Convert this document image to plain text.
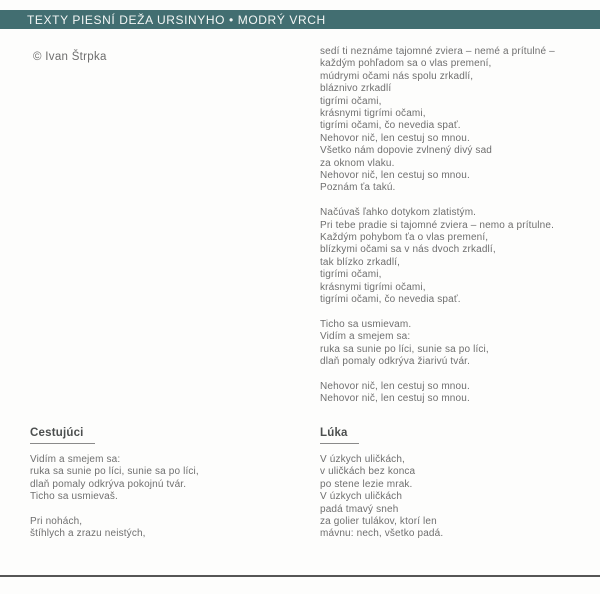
TEXTY PIESNÍ DEŽA URSINYHO • MODRÝ VRCH
© Ivan Štrpka	sedí ti neznáme tajomné zviera – nemé a prítulné –
každým pohľadom sa o vlas premení,
múdrymi očami nás spolu zrkadlí,
bláznivo zrkadlí
tigrími očami,
krásnymi tigrími očami,
tigrími očami, čo nevedia spať.
Nehovor nič, len cestuj so mnou.
Všetko nám dopovie zvlnený divý sad
za oknom vlaku.
Nehovor nič, len cestuj so mnou.
Poznám ťa takú.
Načúvaš ľahko dotykom zlatistým.
Pri tebe pradie si tajomné zviera – nemo a prítulne.
Každým pohybom ťa o vlas premení,
blízkymi očami sa v nás dvoch zrkadlí,
tak blízko zrkadlí,
tigrími očami,
krásnymi tigrími očami,
tigrími očami, čo nevedia spať.
Ticho sa usmievam.
Vidím a smejem sa:
ruka sa sunie po líci, sunie sa po líci,
dlaň pomaly odkrýva žiarivú tvár.
Nehovor nič, len cestuj so mnou.
Nehovor nič, len cestuj so mnou.
Cestujúci
Vidím a smejem sa:
ruka sa sunie po líci, sunie sa po líci,
dlaň pomaly odkrýva pokojnú tvár.
Ticho sa usmievaš.
Pri nohách,
štíhlych a zrazu neistých,
Lúka
V úzkych uličkách,
v uličkách bez konca
po stene lezie mrak.
V úzkych uličkách
padá tmavý sneh
za golier tulákov, ktorí len
mávnu: nech, všetko padá.
